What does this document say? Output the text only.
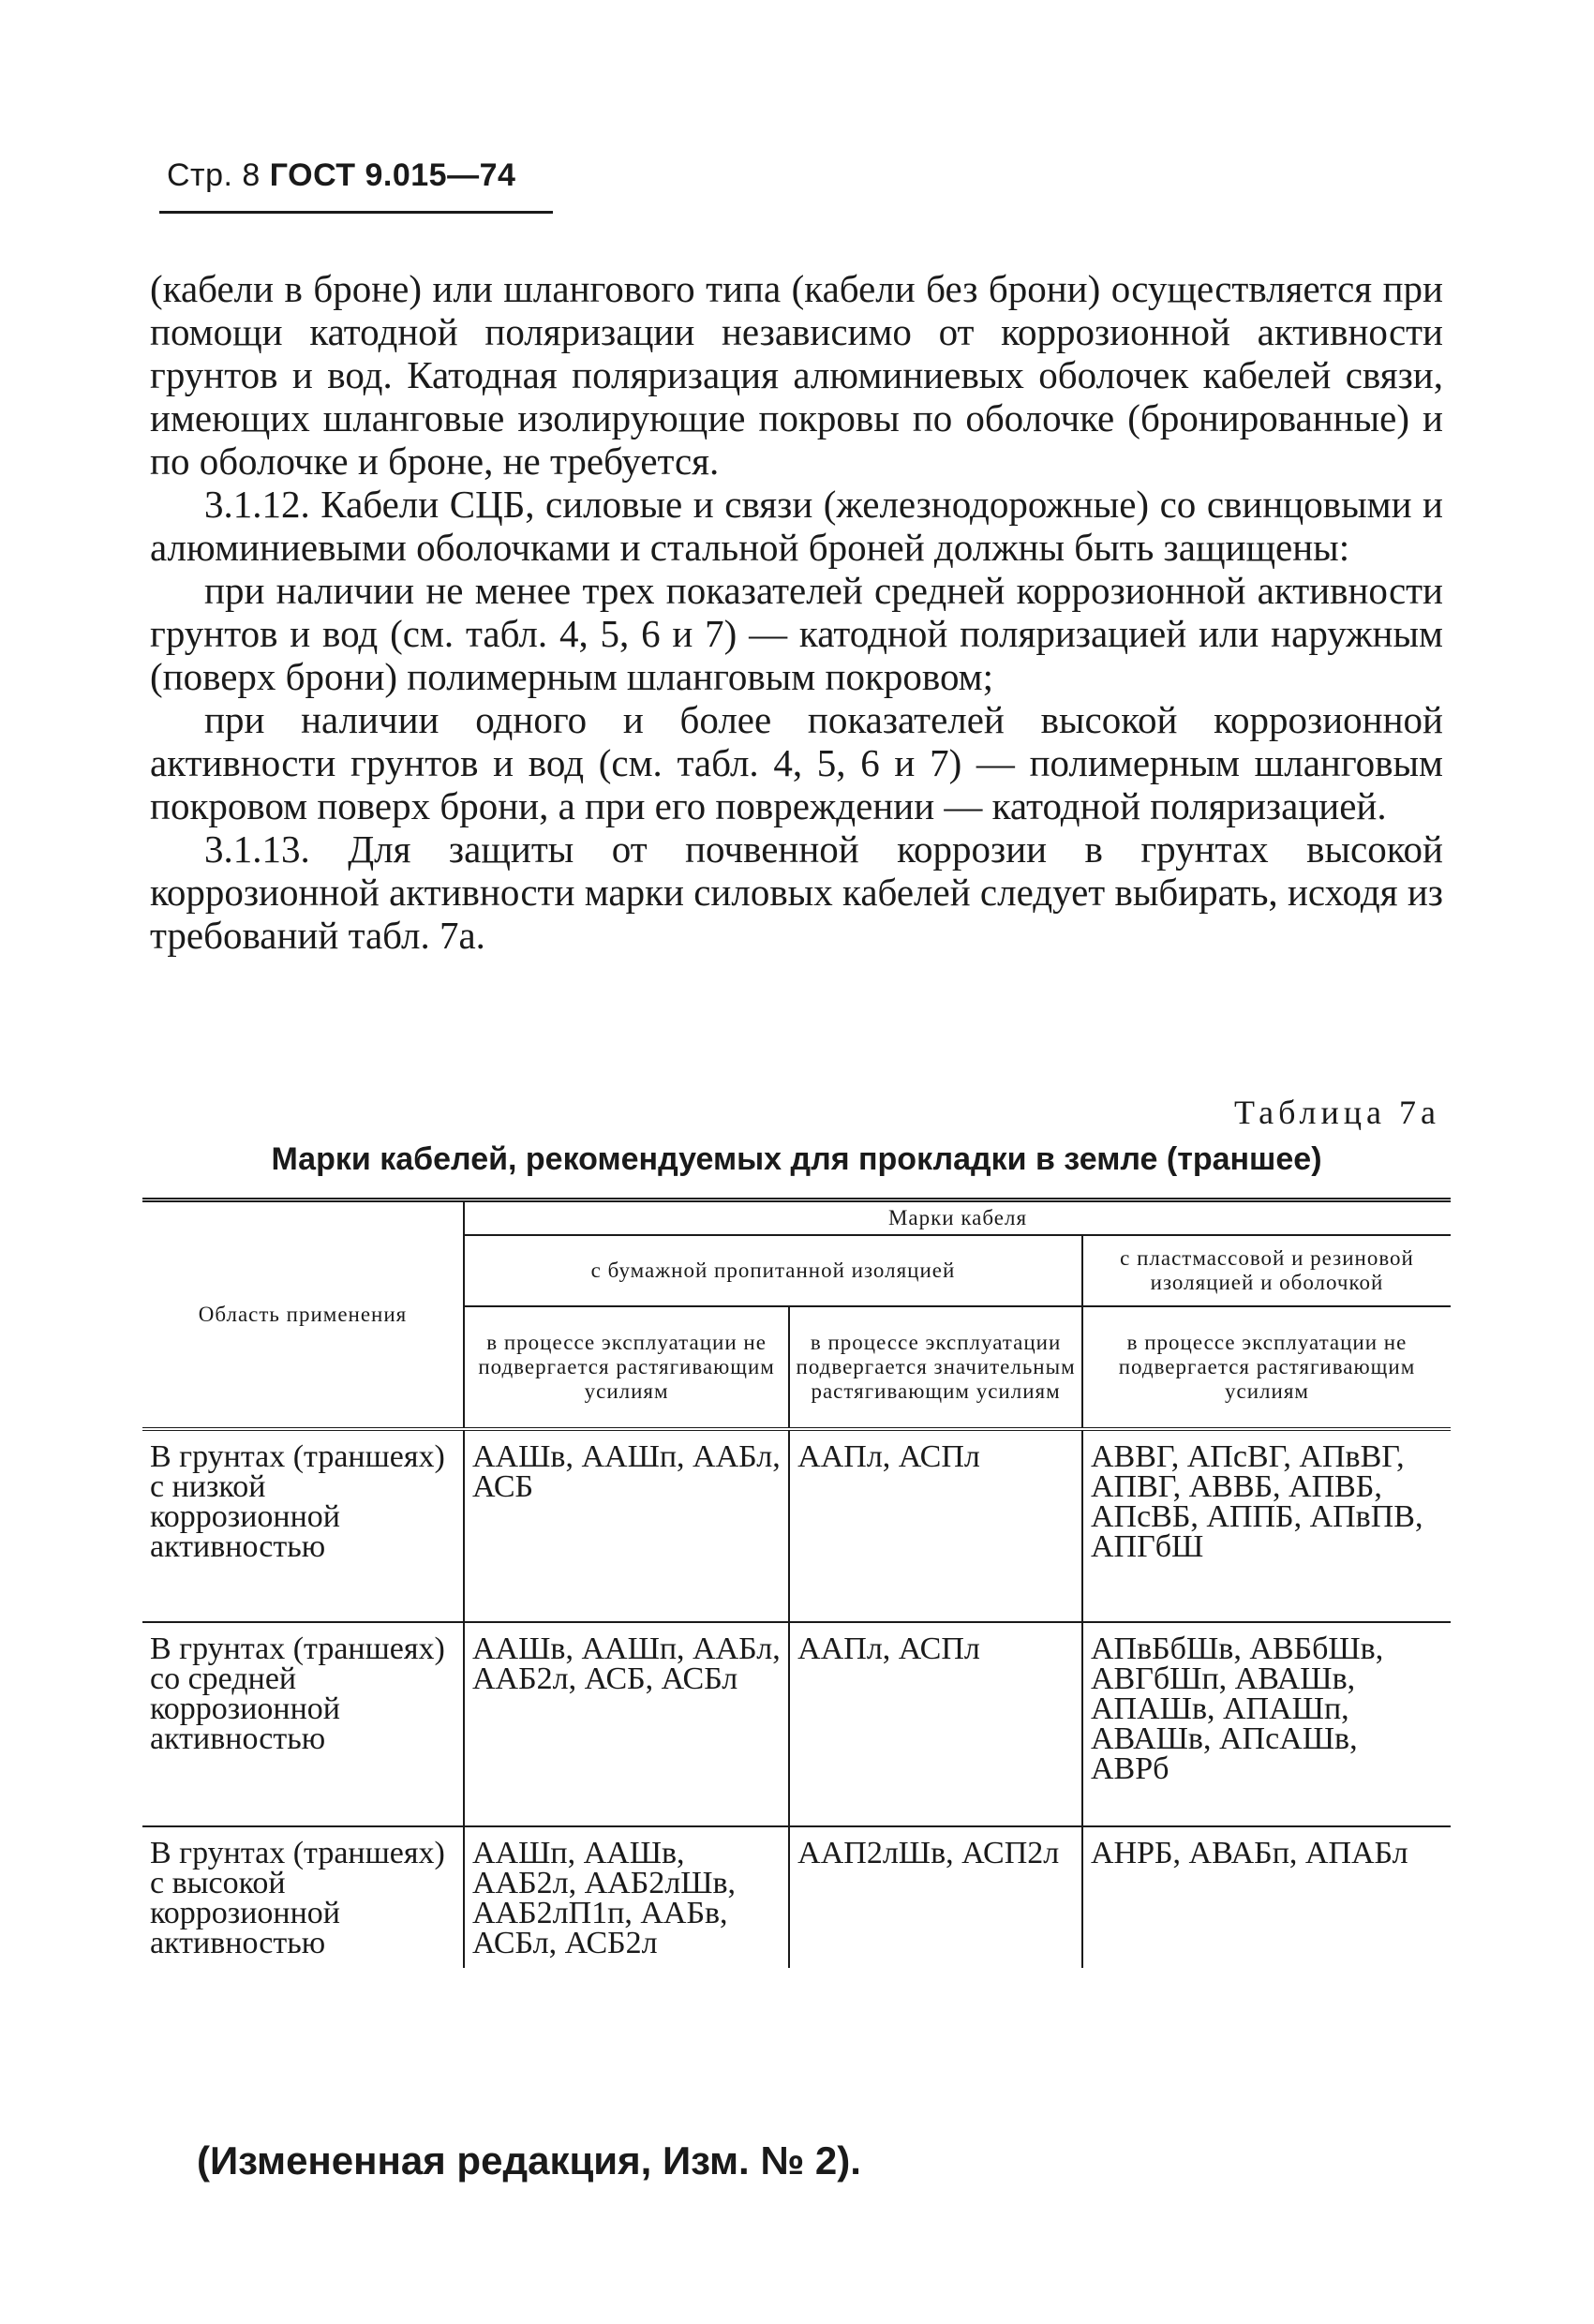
Стр. 8 ГОСТ 9.015—74

(кабели в броне) или шлангового типа (кабели без брони) осуществляется при помощи катодной поляризации независимо от коррозионной активности грунтов и вод. Катодная поляризация алюминиевых оболочек кабелей связи, имеющих шланговые изолирующие покровы по оболочке (бронированные) и по оболочке и броне, не требуется.

3.1.12. Кабели СЦБ, силовые и связи (железнодорожные) со свинцовыми и алюминиевыми оболочками и стальной броней должны быть защищены:

при наличии не менее трех показателей средней коррозионной активности грунтов и вод (см. табл. 4, 5, 6 и 7) — катодной поляризацией или наружным (поверх брони) полимерным шланговым покровом;

при наличии одного и более показателей высокой коррозионной активности грунтов и вод (см. табл. 4, 5, 6 и 7) — полимерным шланговым покровом поверх брони, а при его повреждении — катодной поляризацией.

3.1.13. Для защиты от почвенной коррозии в грунтах высокой коррозионной активности марки силовых кабелей следует выбирать, исходя из требований табл. 7а.

Таблица 7а
Марки кабелей, рекомендуемых для прокладки в земле (траншее)
Область применения	Марки кабеля		
	с бумажной пропитанной изоляцией		с пластмассовой и резиновой изоляцией и оболочкой
	в процессе эксплуатации не подвергается растягивающим усилиям	в процессе эксплуатации подвергается значительным растягивающим усилиям	в процессе эксплуатации не подвергается растягивающим усилиям
В грунтах (траншеях) с низкой коррозионной активностью	ААШв, ААШп, ААБл, АСБ	ААПл, АСПл	АВВГ, АПсВГ, АПвВГ, АПВГ, АВВБ, АПВБ, АПсВБ, АППБ, АПвПВ, АПГбШ
В грунтах (траншеях) со средней коррозионной активностью	ААШв, ААШп, ААБл, ААБ2л, АСБ, АСБл	ААПл, АСПл	АПвБбШв, АВБбШв, АВГбШп, АВАШв, АПАШв, АПАШп, АВАШв, АПсАШв, АВРб
В грунтах (траншеях) с высокой коррозионной активностью	ААШп, ААШв, ААБ2л, ААБ2лШв, ААБ2лП1п, ААБв, АСБл, АСБ2л	ААП2лШв, АСП2л	АНРБ, АВАБп, АПАБл
(Измененная редакция, Изм. № 2).
